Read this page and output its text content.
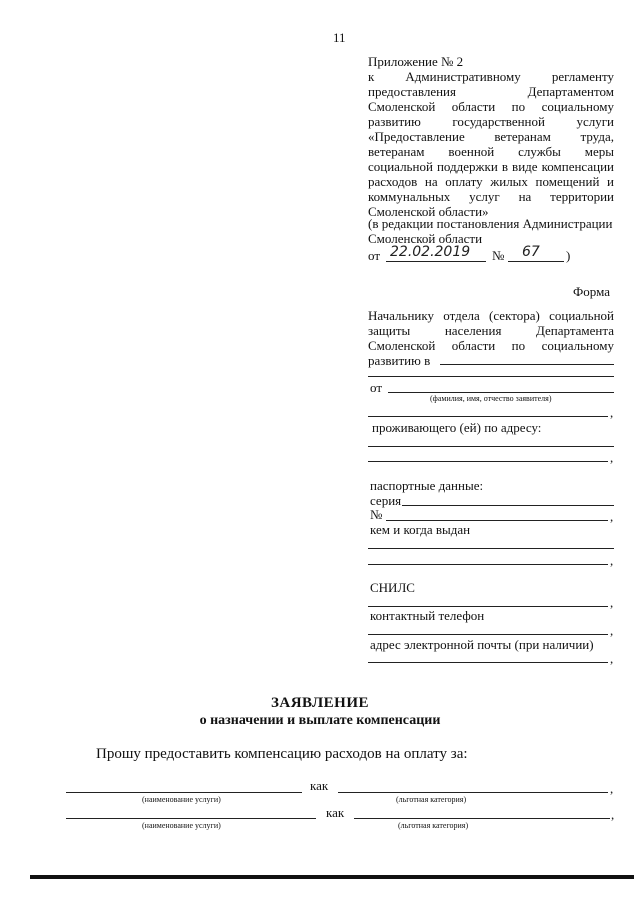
11
Приложение № 2
к Административному регламенту
предоставления Департаментом
Смоленской области по социальному
развитию государственной услуги
«Предоставление ветеранам труда,
ветеранам военной службы меры
социальной поддержки в виде компенсации
расходов на оплату жилых помещений и
коммунальных услуг на территории
Смоленской области»
(в редакции постановления Администрации
Смоленской области
от 22.02.2019 № 67 )
Форма
Начальнику отдела (сектора) социальной
защиты населения Департамента
Смоленской области по социальному
развитию в
от
(фамилия, имя, отчество заявителя)
,
проживающего (ей) по адресу:
,
паспортные данные:
серия
№	,
кем и когда выдан
,
СНИЛС
,
контактный телефон
,
адрес электронной почты (при наличии)
,
ЗАЯВЛЕНИЕ
о назначении и выплате компенсации
Прошу предоставить компенсацию расходов на оплату за:
как	,
(наименование услуги)	(льготная категория)
как	,
(наименование услуги)	(льготная категория)
